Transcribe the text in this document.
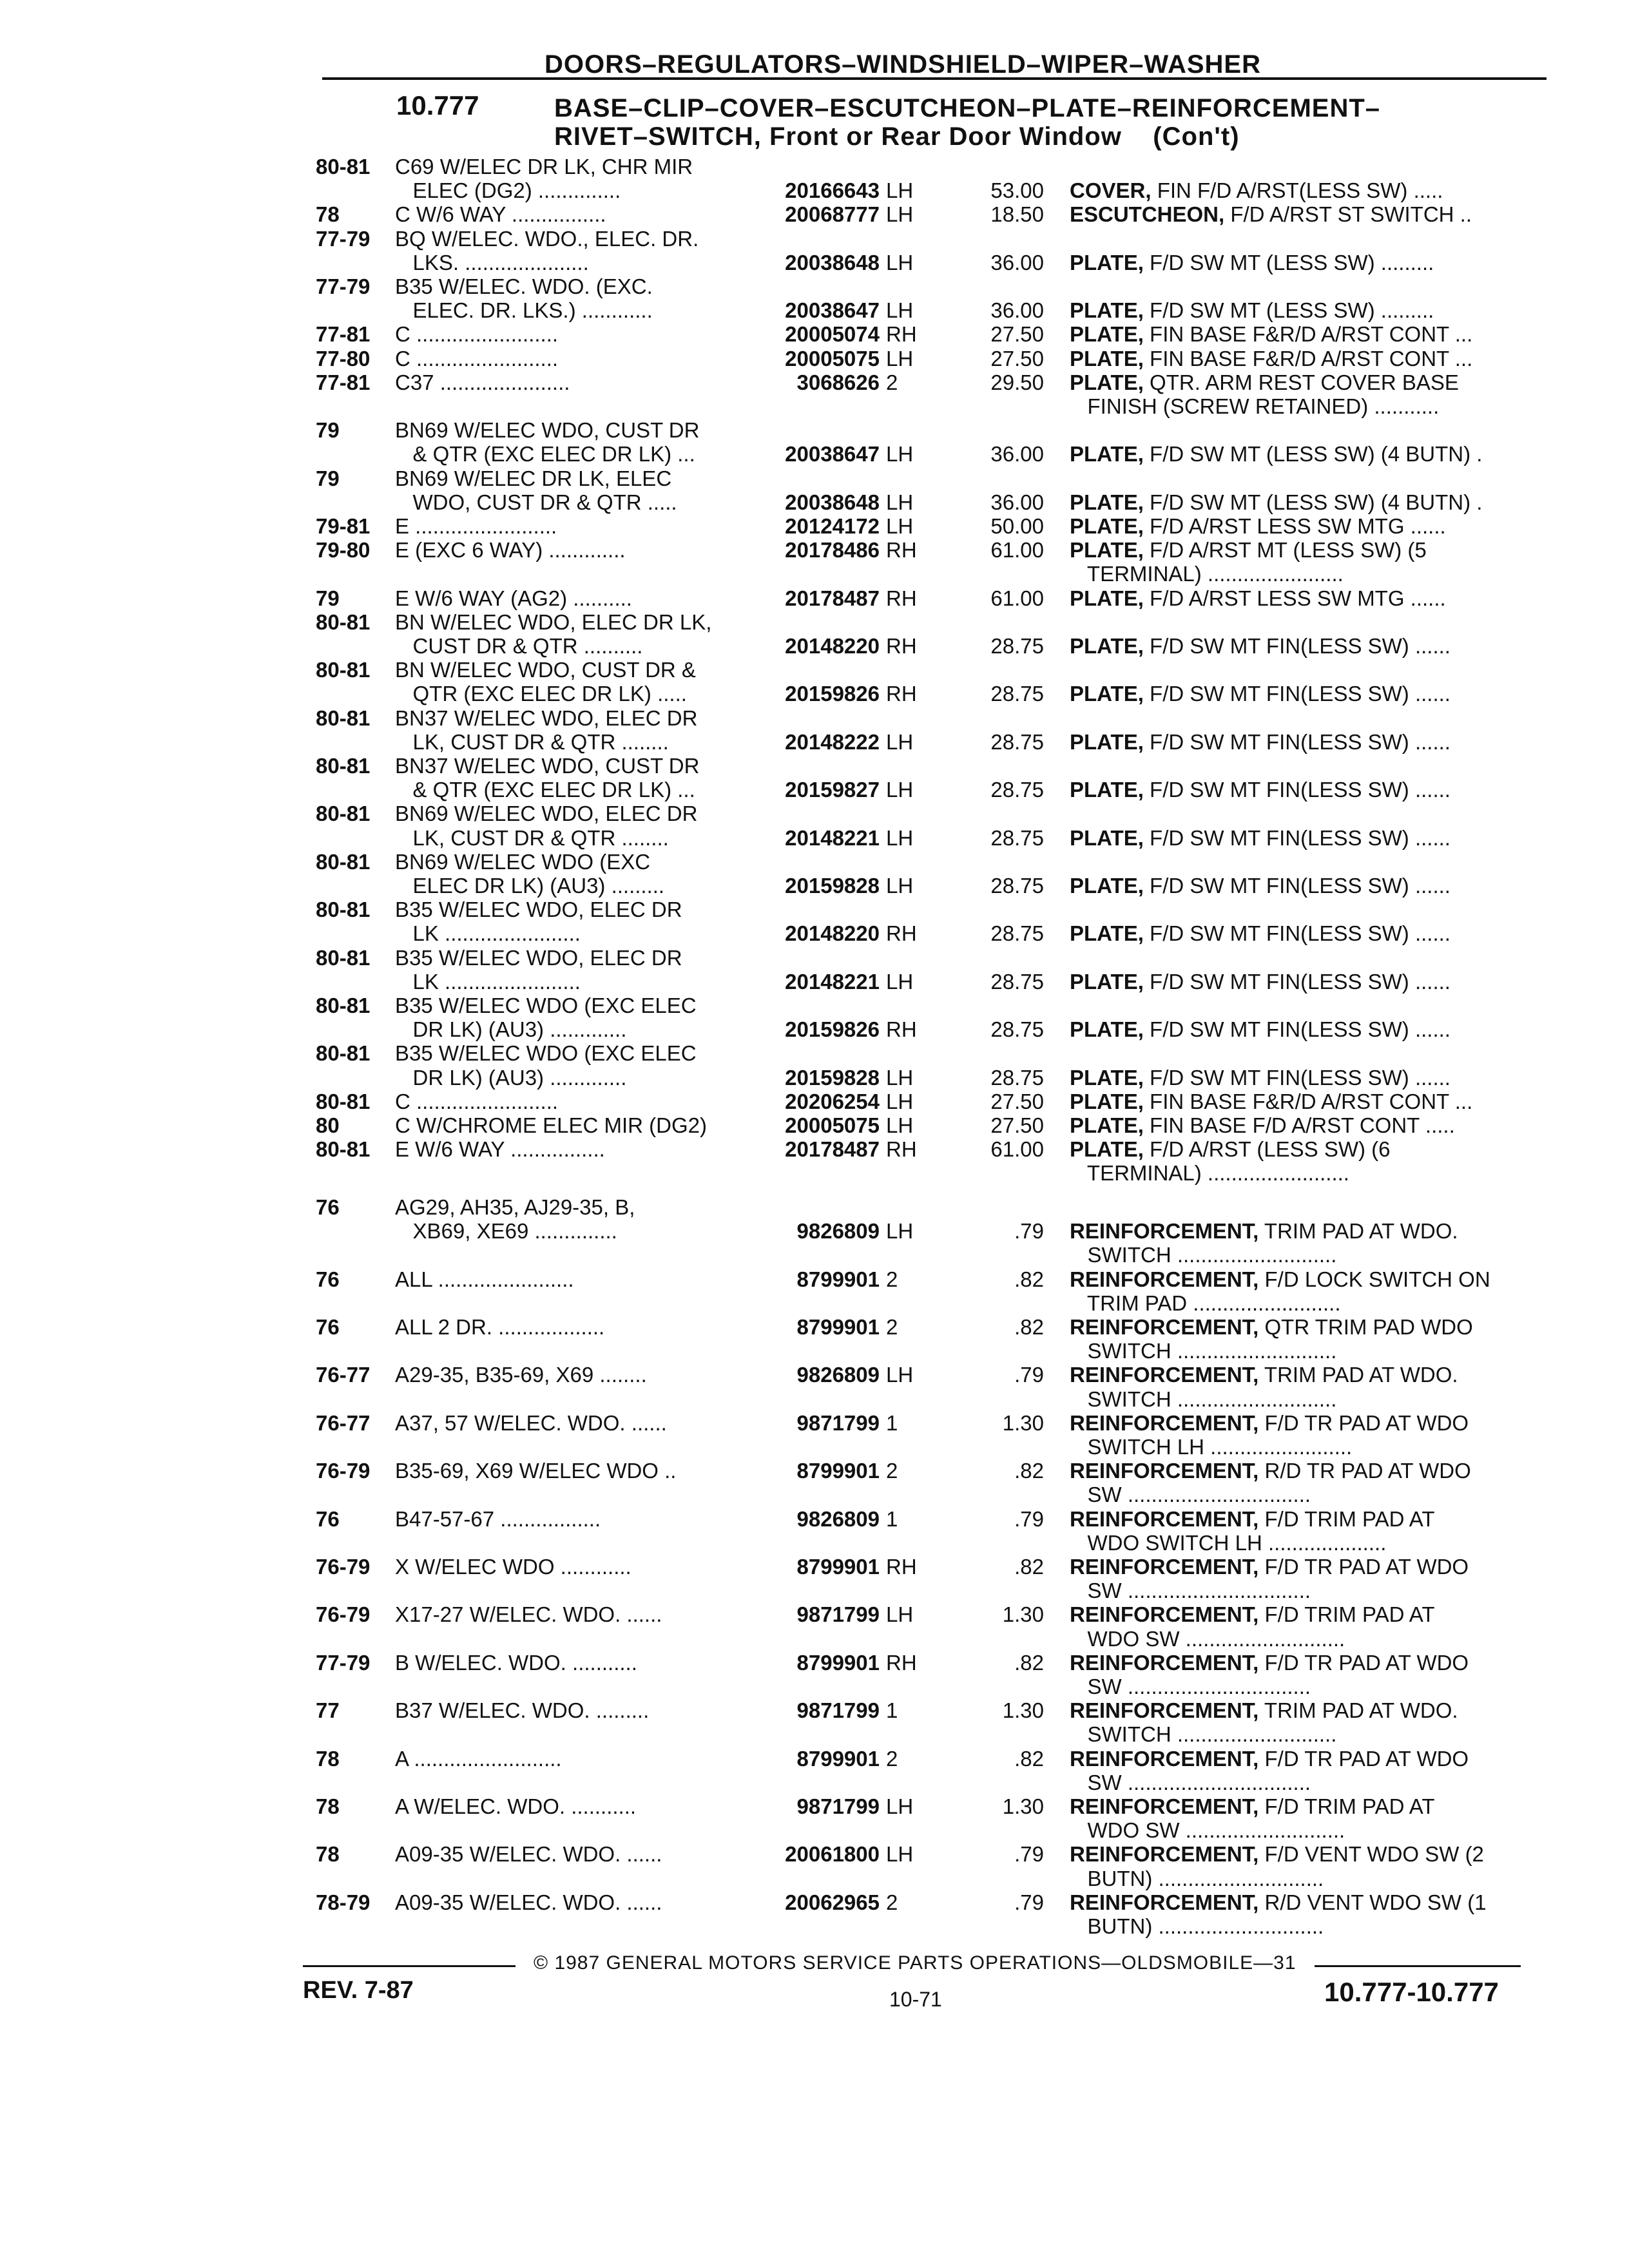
DOORS–REGULATORS–WINDSHIELD–WIPER–WASHER
10.777	BASE–CLIP–COVER–ESCUTCHEON–PLATE–REINFORCEMENT–
RIVET–SWITCH, Front or Rear Door Window    (Con't)
80-81 C69 W/ELEC DR LK, CHR MIR
ELEC (DG2) ..............	20166643 LH	53.00 COVER, FIN F/D A/RST(LESS SW) .....
78	C W/6 WAY ................	20068777 LH	18.50 ESCUTCHEON, F/D A/RST ST SWITCH ..
77-79 BQ W/ELEC. WDO., ELEC. DR.
LKS. .....................	20038648 LH	36.00 PLATE, F/D SW MT (LESS SW) .........
77-79 B35 W/ELEC. WDO. (EXC.
ELEC. DR. LKS.) ............	20038647 LH	36.00 PLATE, F/D SW MT (LESS SW) .........
77-81 C ........................	20005074 RH	27.50 PLATE, FIN BASE F&R/D A/RST CONT ...
77-80 C ........................	20005075 LH	27.50 PLATE, FIN BASE F&R/D A/RST CONT ...
77-81 C37 ......................	3068626 2	29.50 PLATE, QTR. ARM REST COVER BASE
FINISH (SCREW RETAINED) ...........
79	BN69 W/ELEC WDO, CUST DR
& QTR (EXC ELEC DR LK) ...	20038647 LH	36.00 PLATE, F/D SW MT (LESS SW) (4 BUTN) .
79	BN69 W/ELEC DR LK, ELEC
WDO, CUST DR & QTR .....	20038648 LH	36.00 PLATE, F/D SW MT (LESS SW) (4 BUTN) .
79-81 E ........................	20124172 LH	50.00 PLATE, F/D A/RST LESS SW MTG ......
79-80 E (EXC 6 WAY) .............	20178486 RH	61.00 PLATE, F/D A/RST MT (LESS SW) (5
TERMINAL) .......................
79	E W/6 WAY (AG2) ..........	20178487 RH	61.00 PLATE, F/D A/RST LESS SW MTG ......
80-81 BN W/ELEC WDO, ELEC DR LK,
CUST DR & QTR ..........	20148220 RH	28.75 PLATE, F/D SW MT FIN(LESS SW) ......
80-81 BN W/ELEC WDO, CUST DR &
QTR (EXC ELEC DR LK) .....	20159826 RH	28.75 PLATE, F/D SW MT FIN(LESS SW) ......
80-81 BN37 W/ELEC WDO, ELEC DR
LK, CUST DR & QTR ........	20148222 LH	28.75 PLATE, F/D SW MT FIN(LESS SW) ......
80-81 BN37 W/ELEC WDO, CUST DR
& QTR (EXC ELEC DR LK) ...	20159827 LH	28.75 PLATE, F/D SW MT FIN(LESS SW) ......
80-81 BN69 W/ELEC WDO, ELEC DR
LK, CUST DR & QTR ........	20148221 LH	28.75 PLATE, F/D SW MT FIN(LESS SW) ......
80-81 BN69 W/ELEC WDO (EXC
ELEC DR LK) (AU3) .........	20159828 LH	28.75 PLATE, F/D SW MT FIN(LESS SW) ......
80-81 B35 W/ELEC WDO, ELEC DR
LK .......................	20148220 RH	28.75 PLATE, F/D SW MT FIN(LESS SW) ......
80-81 B35 W/ELEC WDO, ELEC DR
LK .......................	20148221 LH	28.75 PLATE, F/D SW MT FIN(LESS SW) ......
80-81 B35 W/ELEC WDO (EXC ELEC
DR LK) (AU3) .............	20159826 RH	28.75 PLATE, F/D SW MT FIN(LESS SW) ......
80-81 B35 W/ELEC WDO (EXC ELEC
DR LK) (AU3) .............	20159828 LH	28.75 PLATE, F/D SW MT FIN(LESS SW) ......
80-81 C ........................	20206254 LH	27.50 PLATE, FIN BASE F&R/D A/RST CONT ...
80	C W/CHROME ELEC MIR (DG2)	20005075 LH	27.50 PLATE, FIN BASE F/D A/RST CONT .....
80-81 E W/6 WAY ................	20178487 RH	61.00 PLATE, F/D A/RST (LESS SW) (6
TERMINAL) ........................
76	AG29, AH35, AJ29-35, B,
XB69, XE69 ..............	9826809 LH	.79 REINFORCEMENT, TRIM PAD AT WDO.
SWITCH ...........................
76	ALL .......................	8799901 2	.82 REINFORCEMENT, F/D LOCK SWITCH ON
TRIM PAD .........................
76	ALL 2 DR. ..................	8799901 2	.82 REINFORCEMENT, QTR TRIM PAD WDO
SWITCH ...........................
76-77 A29-35, B35-69, X69 ........	9826809 LH	.79 REINFORCEMENT, TRIM PAD AT WDO.
SWITCH ...........................
76-77 A37, 57 W/ELEC. WDO. ......	9871799 1	1.30 REINFORCEMENT, F/D TR PAD AT WDO
SWITCH LH ........................
76-79 B35-69, X69 W/ELEC WDO ..	8799901 2	.82 REINFORCEMENT, R/D TR PAD AT WDO
SW ...............................
76	B47-57-67 .................	9826809 1	.79 REINFORCEMENT, F/D TRIM PAD AT
WDO SWITCH LH ....................
76-79 X W/ELEC WDO ............	8799901 RH	.82 REINFORCEMENT, F/D TR PAD AT WDO
SW ...............................
76-79 X17-27 W/ELEC. WDO. ......	9871799 LH	1.30 REINFORCEMENT, F/D TRIM PAD AT
WDO SW ...........................
77-79 B W/ELEC. WDO. ...........	8799901 RH	.82 REINFORCEMENT, F/D TR PAD AT WDO
SW ...............................
77	B37 W/ELEC. WDO. .........	9871799 1	1.30 REINFORCEMENT, TRIM PAD AT WDO.
SWITCH ...........................
78	A .........................	8799901 2	.82 REINFORCEMENT, F/D TR PAD AT WDO
SW ...............................
78	A W/ELEC. WDO. ...........	9871799 LH	1.30 REINFORCEMENT, F/D TRIM PAD AT
WDO SW ...........................
78	A09-35 W/ELEC. WDO. ......	20061800 LH	.79 REINFORCEMENT, F/D VENT WDO SW (2
BUTN) ............................
78-79 A09-35 W/ELEC. WDO. ......	20062965 2	.79 REINFORCEMENT, R/D VENT WDO SW (1
BUTN) ............................
© 1987 GENERAL MOTORS SERVICE PARTS OPERATIONS—OLDSMOBILE—31
REV. 7-87	10-71	10.777-10.777
